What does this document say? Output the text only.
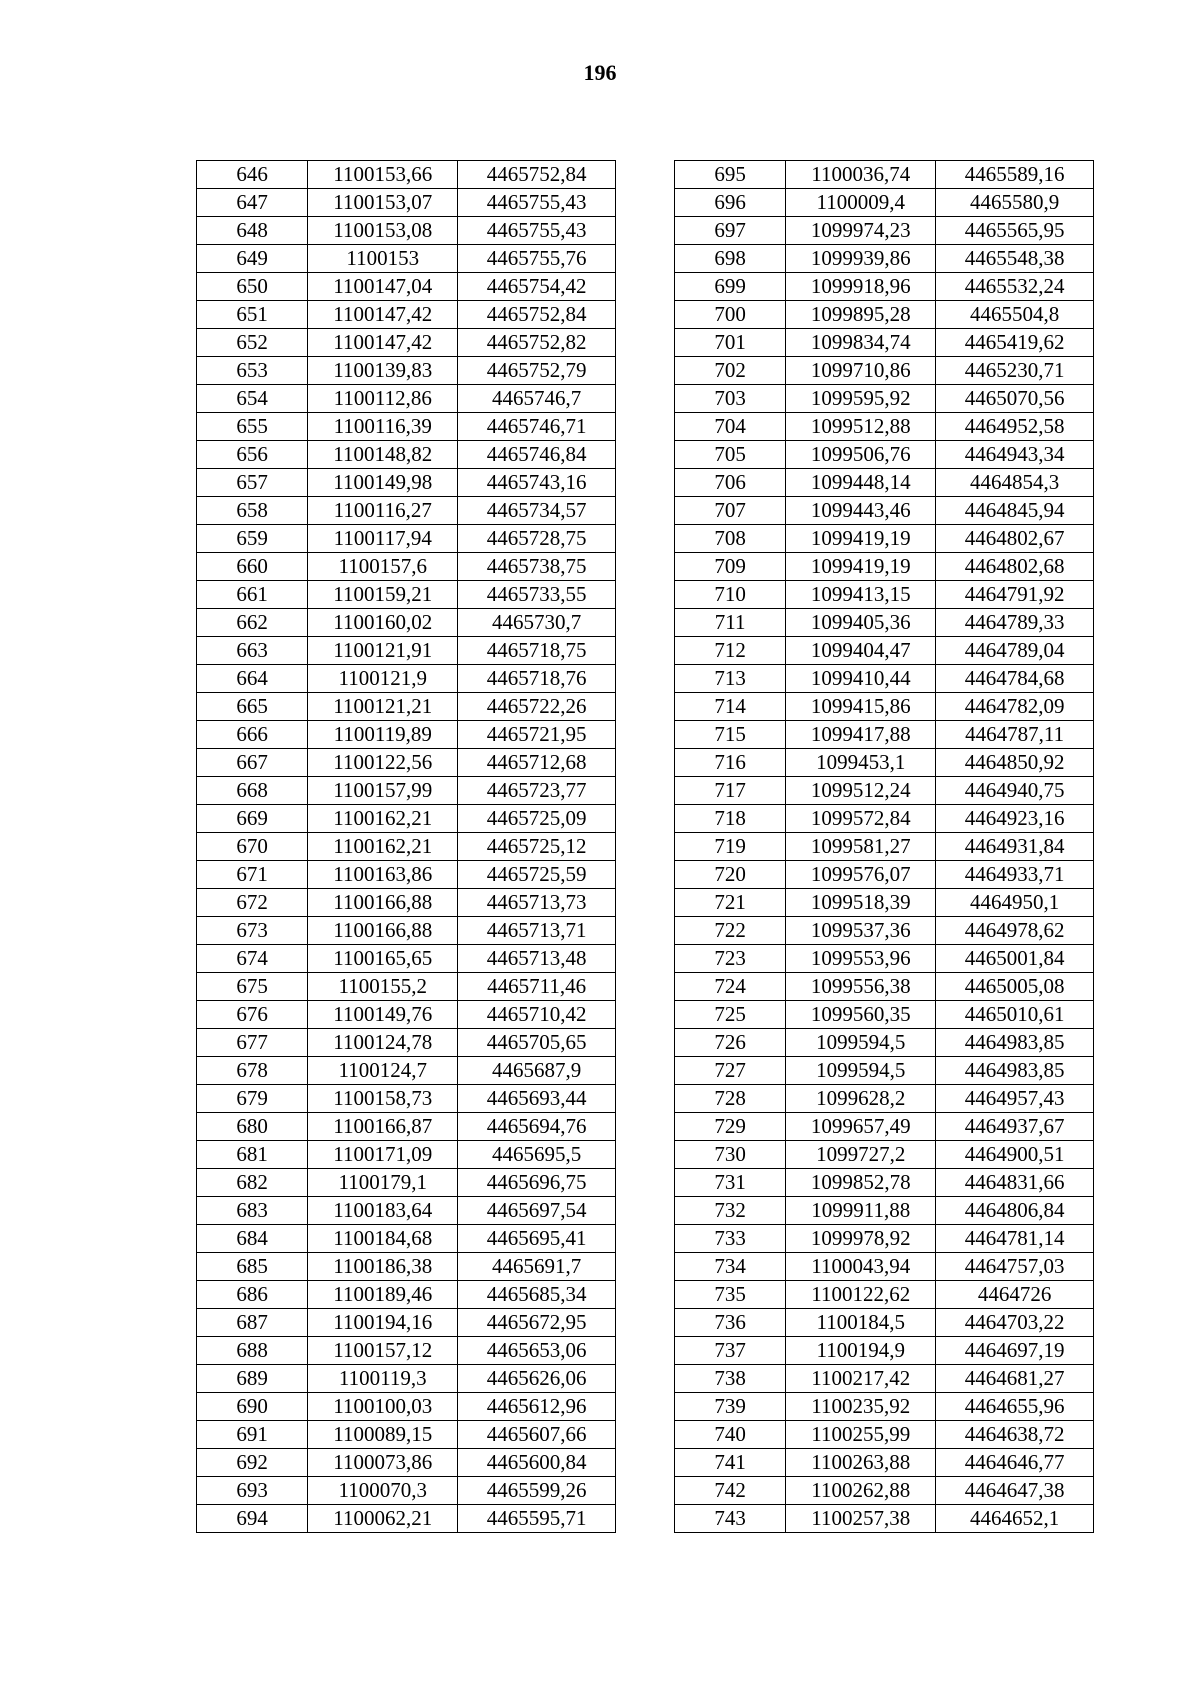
196
646	1100153,66	4465752,84
647	1100153,07	4465755,43
648	1100153,08	4465755,43
649	1100153	4465755,76
650	1100147,04	4465754,42
651	1100147,42	4465752,84
652	1100147,42	4465752,82
653	1100139,83	4465752,79
654	1100112,86	4465746,7
655	1100116,39	4465746,71
656	1100148,82	4465746,84
657	1100149,98	4465743,16
658	1100116,27	4465734,57
659	1100117,94	4465728,75
660	1100157,6	4465738,75
661	1100159,21	4465733,55
662	1100160,02	4465730,7
663	1100121,91	4465718,75
664	1100121,9	4465718,76
665	1100121,21	4465722,26
666	1100119,89	4465721,95
667	1100122,56	4465712,68
668	1100157,99	4465723,77
669	1100162,21	4465725,09
670	1100162,21	4465725,12
671	1100163,86	4465725,59
672	1100166,88	4465713,73
673	1100166,88	4465713,71
674	1100165,65	4465713,48
675	1100155,2	4465711,46
676	1100149,76	4465710,42
677	1100124,78	4465705,65
678	1100124,7	4465687,9
679	1100158,73	4465693,44
680	1100166,87	4465694,76
681	1100171,09	4465695,5
682	1100179,1	4465696,75
683	1100183,64	4465697,54
684	1100184,68	4465695,41
685	1100186,38	4465691,7
686	1100189,46	4465685,34
687	1100194,16	4465672,95
688	1100157,12	4465653,06
689	1100119,3	4465626,06
690	1100100,03	4465612,96
691	1100089,15	4465607,66
692	1100073,86	4465600,84
693	1100070,3	4465599,26
694	1100062,21	4465595,71
695	1100036,74	4465589,16
696	1100009,4	4465580,9
697	1099974,23	4465565,95
698	1099939,86	4465548,38
699	1099918,96	4465532,24
700	1099895,28	4465504,8
701	1099834,74	4465419,62
702	1099710,86	4465230,71
703	1099595,92	4465070,56
704	1099512,88	4464952,58
705	1099506,76	4464943,34
706	1099448,14	4464854,3
707	1099443,46	4464845,94
708	1099419,19	4464802,67
709	1099419,19	4464802,68
710	1099413,15	4464791,92
711	1099405,36	4464789,33
712	1099404,47	4464789,04
713	1099410,44	4464784,68
714	1099415,86	4464782,09
715	1099417,88	4464787,11
716	1099453,1	4464850,92
717	1099512,24	4464940,75
718	1099572,84	4464923,16
719	1099581,27	4464931,84
720	1099576,07	4464933,71
721	1099518,39	4464950,1
722	1099537,36	4464978,62
723	1099553,96	4465001,84
724	1099556,38	4465005,08
725	1099560,35	4465010,61
726	1099594,5	4464983,85
727	1099594,5	4464983,85
728	1099628,2	4464957,43
729	1099657,49	4464937,67
730	1099727,2	4464900,51
731	1099852,78	4464831,66
732	1099911,88	4464806,84
733	1099978,92	4464781,14
734	1100043,94	4464757,03
735	1100122,62	4464726
736	1100184,5	4464703,22
737	1100194,9	4464697,19
738	1100217,42	4464681,27
739	1100235,92	4464655,96
740	1100255,99	4464638,72
741	1100263,88	4464646,77
742	1100262,88	4464647,38
743	1100257,38	4464652,1
